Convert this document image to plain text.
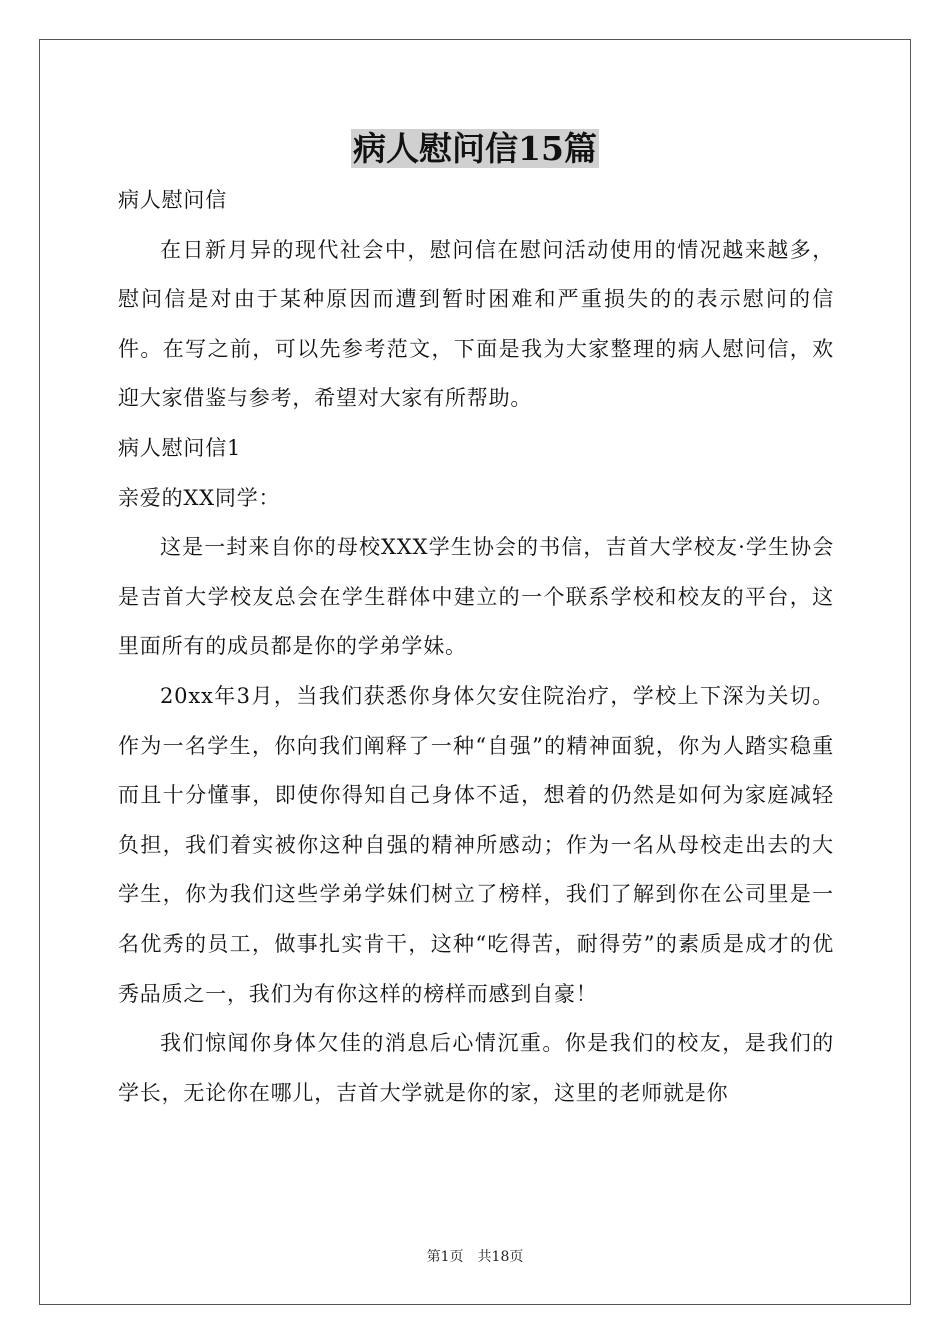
病人慰问信15篇

病人慰问信

在日新月异的现代社会中，慰问信在慰问活动使用的情况越来越多，慰问信是对由于某种原因而遭到暂时困难和严重损失的的表示慰问的信件。在写之前，可以先参考范文，下面是我为大家整理的病人慰问信，欢迎大家借鉴与参考，希望对大家有所帮助。

病人慰问信1

亲爱的XX同学：

这是一封来自你的母校XXX学生协会的书信，吉首大学校友·学生协会是吉首大学校友总会在学生群体中建立的一个联系学校和校友的平台，这里面所有的成员都是你的学弟学妹。

20xx年3月，当我们获悉你身体欠安住院治疗，学校上下深为关切。作为一名学生，你向我们阐释了一种“自强”的精神面貌，你为人踏实稳重而且十分懂事，即使你得知自己身体不适，想着的仍然是如何为家庭减轻负担，我们着实被你这种自强的精神所感动；作为一名从母校走出去的大学生，你为我们这些学弟学妹们树立了榜样，我们了解到你在公司里是一名优秀的员工，做事扎实肯干，这种“吃得苦，耐得劳”的素质是成才的优秀品质之一，我们为有你这样的榜样而感到自豪！

我们惊闻你身体欠佳的消息后心情沉重。你是我们的校友，是我们的学长，无论你在哪儿，吉首大学就是你的家，这里的老师就是你

第1页 共18页
